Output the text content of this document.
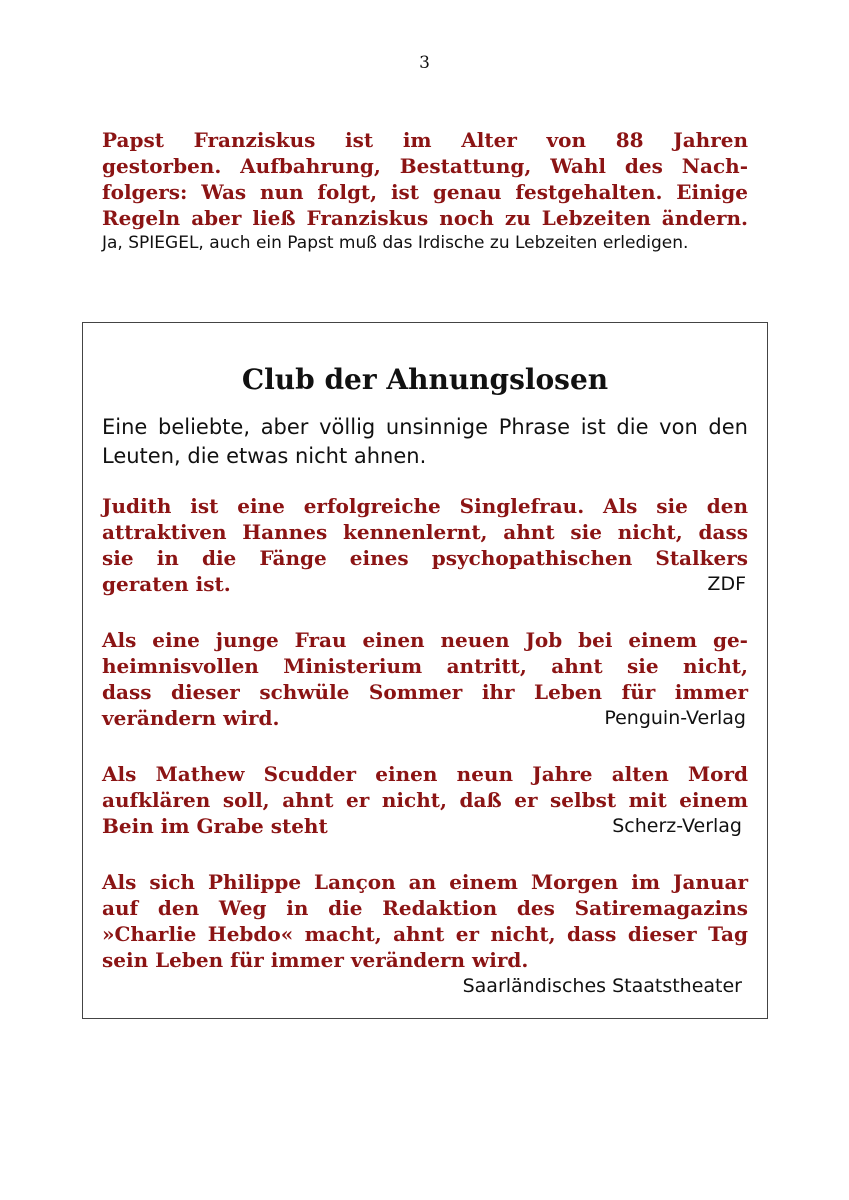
3

Papst Franziskus ist im Alter von 88 Jahren

gestorben. Aufbahrung, Bestattung, Wahl des Nach-

folgers: Was nun folgt, ist genau festgehalten. Einige

Regeln aber ließ Franziskus noch zu Lebzeiten ändern.

Ja, SPIEGEL, auch ein Papst muß das Irdische zu Lebzeiten erledigen.

Club der Ahnungslosen

Eine beliebte, aber völlig unsinnige Phrase ist die von den Leuten, die etwas nicht ahnen.

Judith ist eine erfolgreiche Singlefrau. Als sie den

attraktiven Hannes kennenlernt, ahnt sie nicht, dass

sie in die Fänge eines psychopathischen Stalkers

geraten ist.	ZDF

Als eine junge Frau einen neuen Job bei einem ge-

heimnisvollen Ministerium antritt, ahnt sie nicht,

dass dieser schwüle Sommer ihr Leben für immer

verändern wird.	Penguin-Verlag

Als Mathew Scudder einen neun Jahre alten Mord

aufklären soll, ahnt er nicht, daß er selbst mit einem

Bein im Grabe steht	Scherz-Verlag

Als sich Philippe Lançon an einem Morgen im Januar

auf den Weg in die Redaktion des Satiremagazins

»Charlie Hebdo« macht, ahnt er nicht, dass dieser Tag

sein Leben für immer verändern wird.

Saarländisches Staatstheater
